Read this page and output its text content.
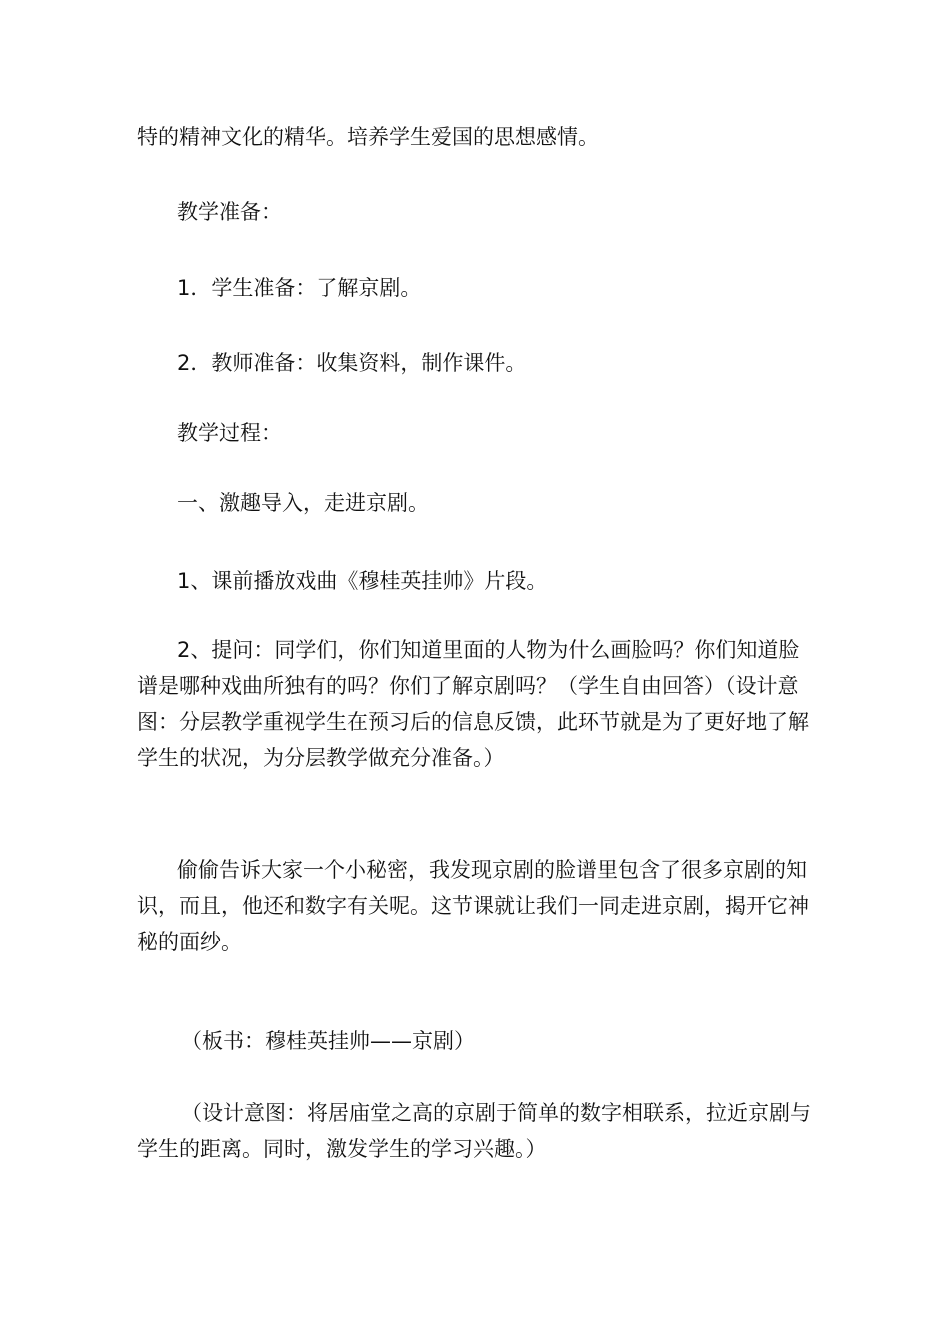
特的精神文化的精华。培养学生爱国的思想感情。

教学准备：

1．学生准备：了解京剧。

2．教师准备：收集资料，制作课件。

教学过程：

一、激趣导入，走进京剧。

1、课前播放戏曲《穆桂英挂帅》片段。

2、提问：同学们，你们知道里面的人物为什么画脸吗？你们知道脸谱是哪种戏曲所独有的吗？你们了解京剧吗？（学生自由回答）（设计意图：分层教学重视学生在预习后的信息反馈，此环节就是为了更好地了解学生的状况，为分层教学做充分准备。）

偷偷告诉大家一个小秘密，我发现京剧的脸谱里包含了很多京剧的知识，而且，他还和数字有关呢。这节课就让我们一同走进京剧，揭开它神秘的面纱。

（板书：穆桂英挂帅——京剧）

（设计意图：将居庙堂之高的京剧于简单的数字相联系，拉近京剧与学生的距离。同时，激发学生的学习兴趣。）
